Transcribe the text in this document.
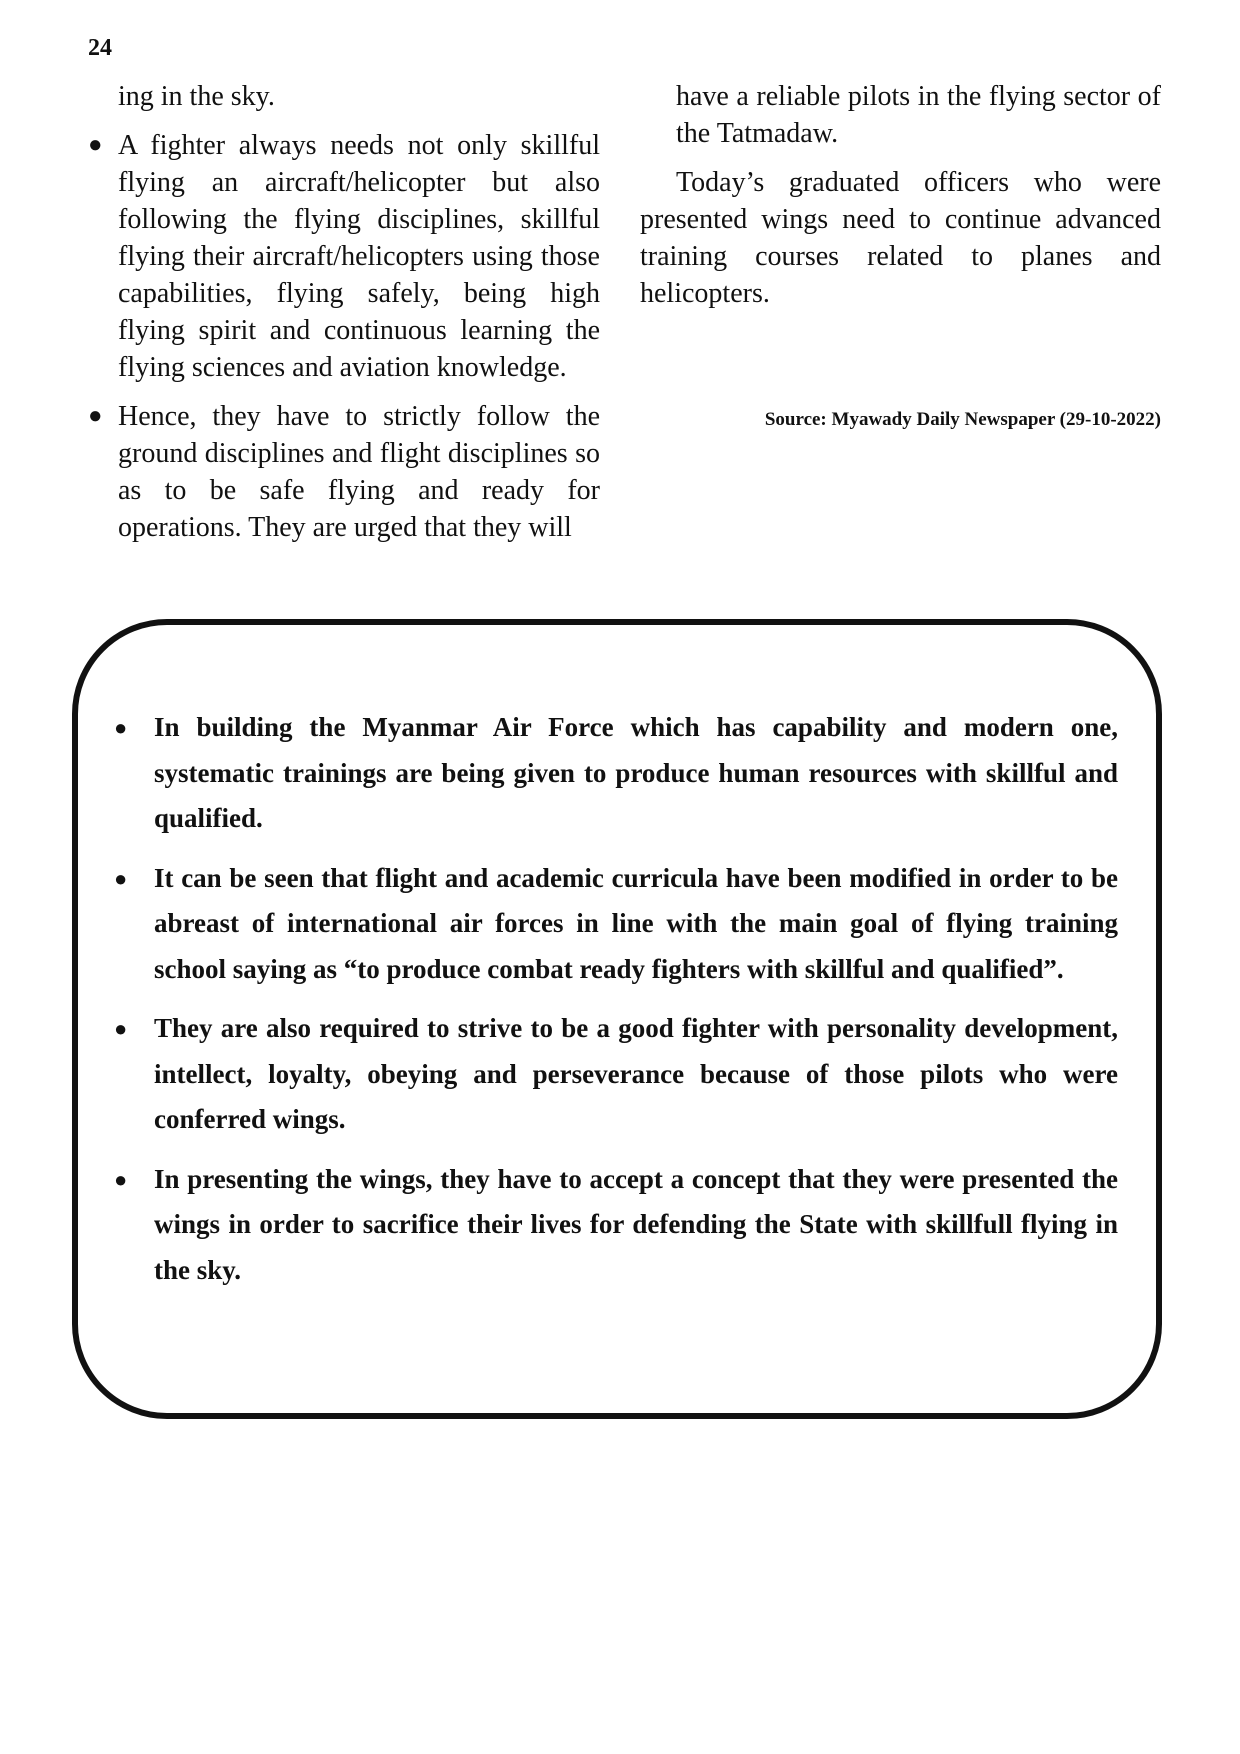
24

ing in the sky.

● A fighter always needs not only skillful flying an aircraft/helicopter but also following the flying disciplines, skillful flying their aircraft/helicopters using those capabilities, flying safely, being high flying spirit and continuous learning the flying sciences and aviation knowledge.
● Hence, they have to strictly follow the ground disciplines and flight disciplines so as to be safe flying and ready for operations. They are urged that they will

have a reliable pilots in the flying sector of the Tatmadaw.

Today’s graduated officers who were presented wings need to continue advanced training courses related to planes and helicopters.

Source: Myawady Daily Newspaper (29-10-2022)
● In building the Myanmar Air Force which has capability and modern one, systematic trainings are being given to produce human resources with skillful and qualified.
● It can be seen that flight and academic curricula have been modified in order to be abreast of international air forces in line with the main goal of flying training school saying as “to produce combat ready fighters with skillful and qualified”.
● They are also required to strive to be a good fighter with personality development, intellect, loyalty, obeying and perseverance because of those pilots who were conferred wings.
● In presenting the wings, they have to accept a concept that they were presented the wings in order to sacrifice their lives for defending the State with skillfull flying in the sky.
